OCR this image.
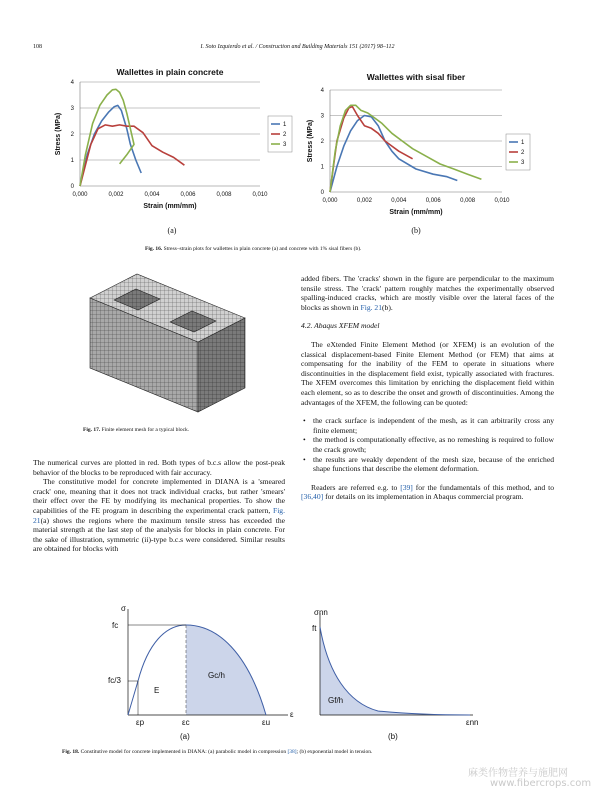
108	I. Soto Izquierdo et al. / Construction and Building Materials 151 (2017) 98–112
Wallettes in plain concrete
0
1
2
3
4
0,000	0,002	0,004	0,006	0,008	0,010
Strain (mm/mm)
Stress (MPa)	1
2
3
Wallettes with sisal fiber
0
1
2
3
4
0,000	0,002	0,004	0,006	0,008	0,010
Strain (mm/mm)
Stress (MPa)	1
2
3
(a)	(b)
Fig. 16. Stress–strain plots for wallettes in plain concrete (a) and concrete with 1% sisal fibers (b).
Fig. 17. Finite element mesh for a typical block.

The numerical curves are plotted in red. Both types of b.c.s allow the post-peak behavior of the blocks to be reproduced with fair accuracy.

The constitutive model for concrete implemented in DIANA is a 'smeared crack' one, meaning that it does not track individual cracks, but rather 'smears' their effect over the FE by modifying its mechanical properties. To show the capabilities of the FE program in describing the experimental crack pattern, Fig. 21(a) shows the regions where the maximum tensile stress has exceeded the material strength at the last step of the analysis for blocks in plain concrete. For the sake of illustration, symmetric (ii)-type b.c.s were considered. Similar results are obtained for blocks with

added fibers. The 'cracks' shown in the figure are perpendicular to the maximum tensile stress. The 'crack' pattern roughly matches the experimentally observed spalling-induced cracks, which are mostly visible over the lateral faces of the blocks as shown in Fig. 21(b).

4.2. Abaqus XFEM model

The eXtended Finite Element Method (or XFEM) is an evolution of the classical displacement-based Finite Element Method (or FEM) that aims at compensating for the inability of the FEM to operate in situations where discontinuities in the displacement field exist, typically associated with fractures. The XFEM overcomes this limitation by enriching the displacement field within each element, so as to describe the onset and growth of discontinuities. Among the advantages of the XFEM, the following can be quoted:

• the crack surface is independent of the mesh, as it can arbitrarily cross any finite element;
• the method is computationally effective, as no remeshing is required to follow the crack growth;
• the results are weakly dependent of the mesh size, because of the enriched shape functions that describe the element deformation.

Readers are referred e.g. to [39] for the fundamentals of this method, and to [36,40] for details on its implementation in Abaqus commercial program.

σ
fc
fc/3
E
Gc/h
εp	εc	εu
ε
(a)
σnn
ft
Gf/h
εnn
(b)
Fig. 18. Constitutive model for concrete implemented in DIANA: (a) parabolic model in compression [38]; (b) exponential model in tension.
麻类作物营养与施肥网
www.fibercrops.com
